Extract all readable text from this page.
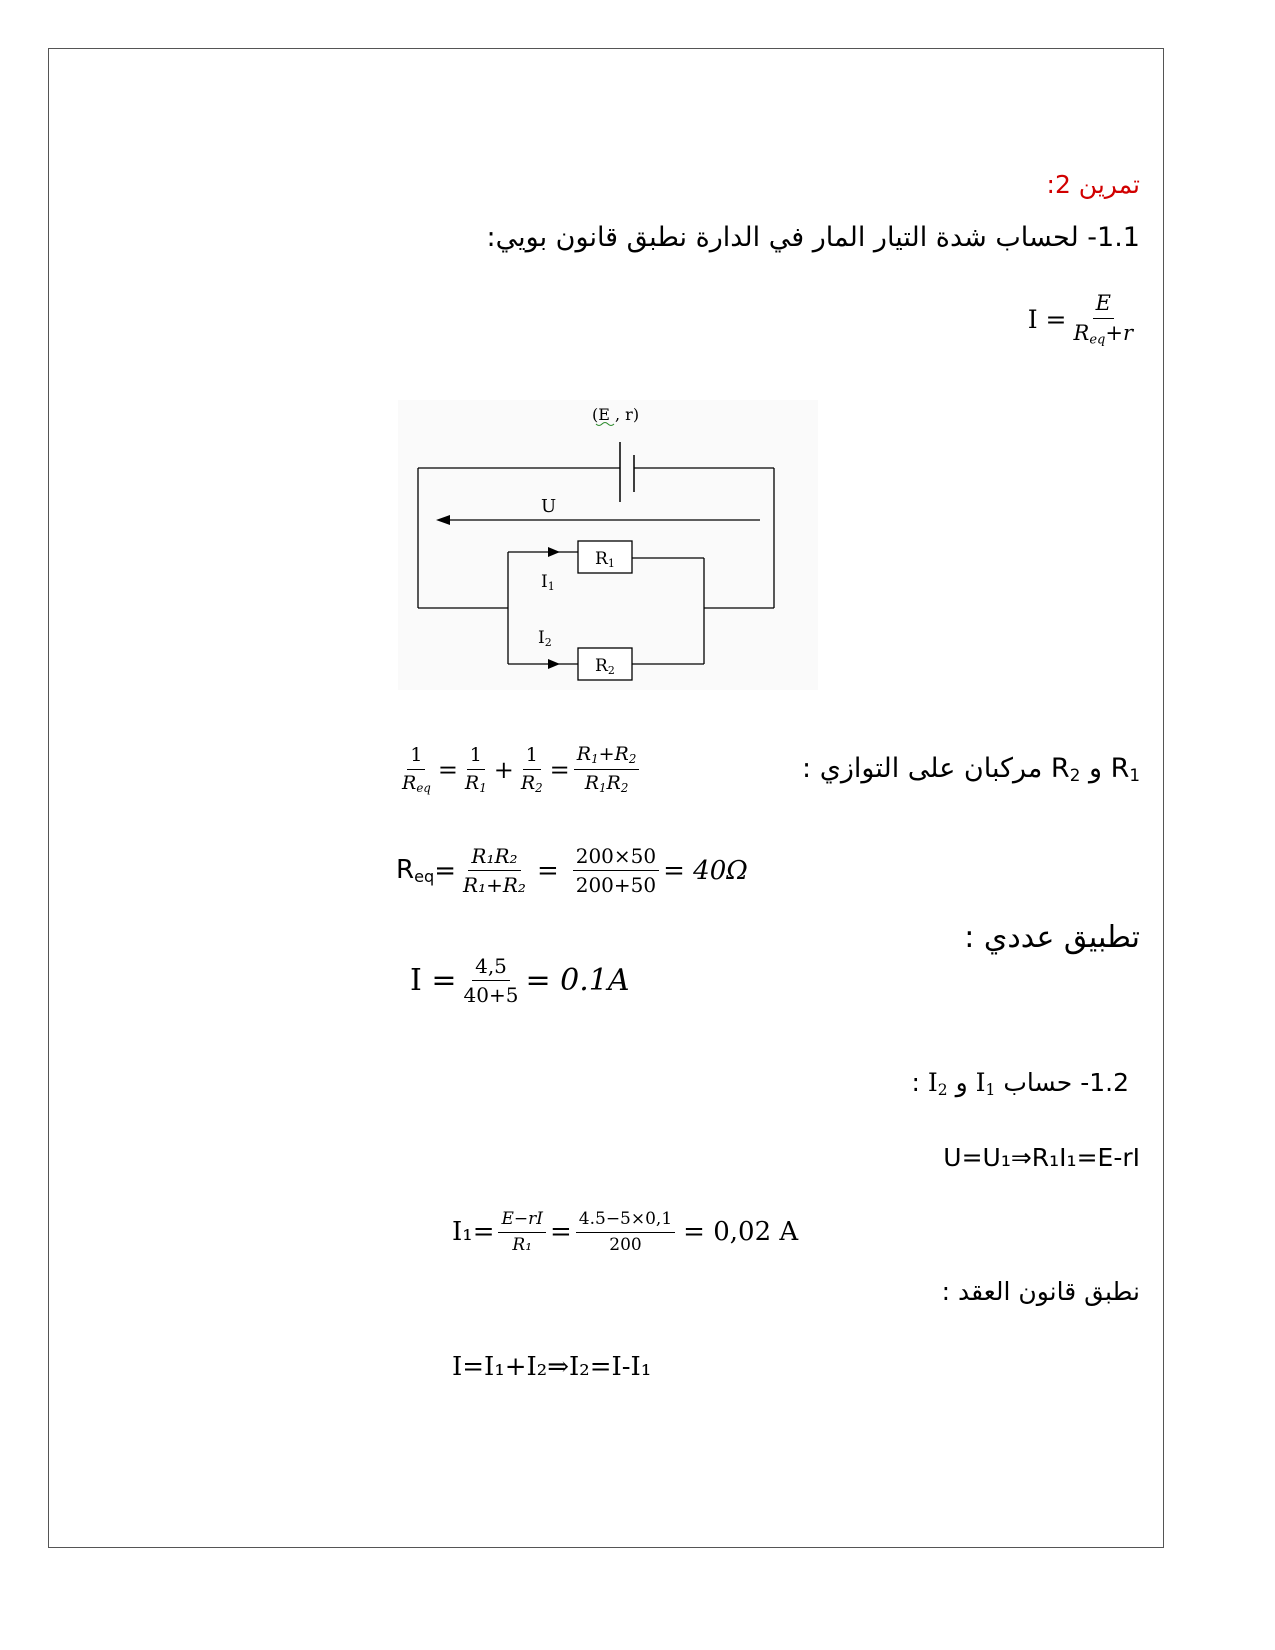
تمرين 2:
1.1- لحساب شدة التيار المار في الدارة نطبق قانون بويي:
$I = \frac{E}{R_{eq}+r}$
(E , r)
U
R1
I1
R2
I2
$\frac{1}{R_{eq}} = \frac{1}{R_1} + \frac{1}{R_2} = \frac{R_1+R_2}{R_1R_2}$	$R_1$ و $R_2$ مركبان على التوازي :
$R_{eq} = \frac{\text{R₁R₂}}{\text{R₁+R₂}} = \frac{200\times 50}{200+50} = 40\Omega$
تطبيق عددي :
$I = \frac{4,5}{40+5} = 0.1A$
1.2- حساب $I_1$ و $I_2$ :
U=U₁⇒R₁I₁=E-rI
$I_1= \frac{E-rI}{\text{R₁}} = \frac{4.5-5\times 0,1}{200} = 0,02$ A
نطبق قانون العقد :
I=I₁+I₂⇒I₂=I-I₁
